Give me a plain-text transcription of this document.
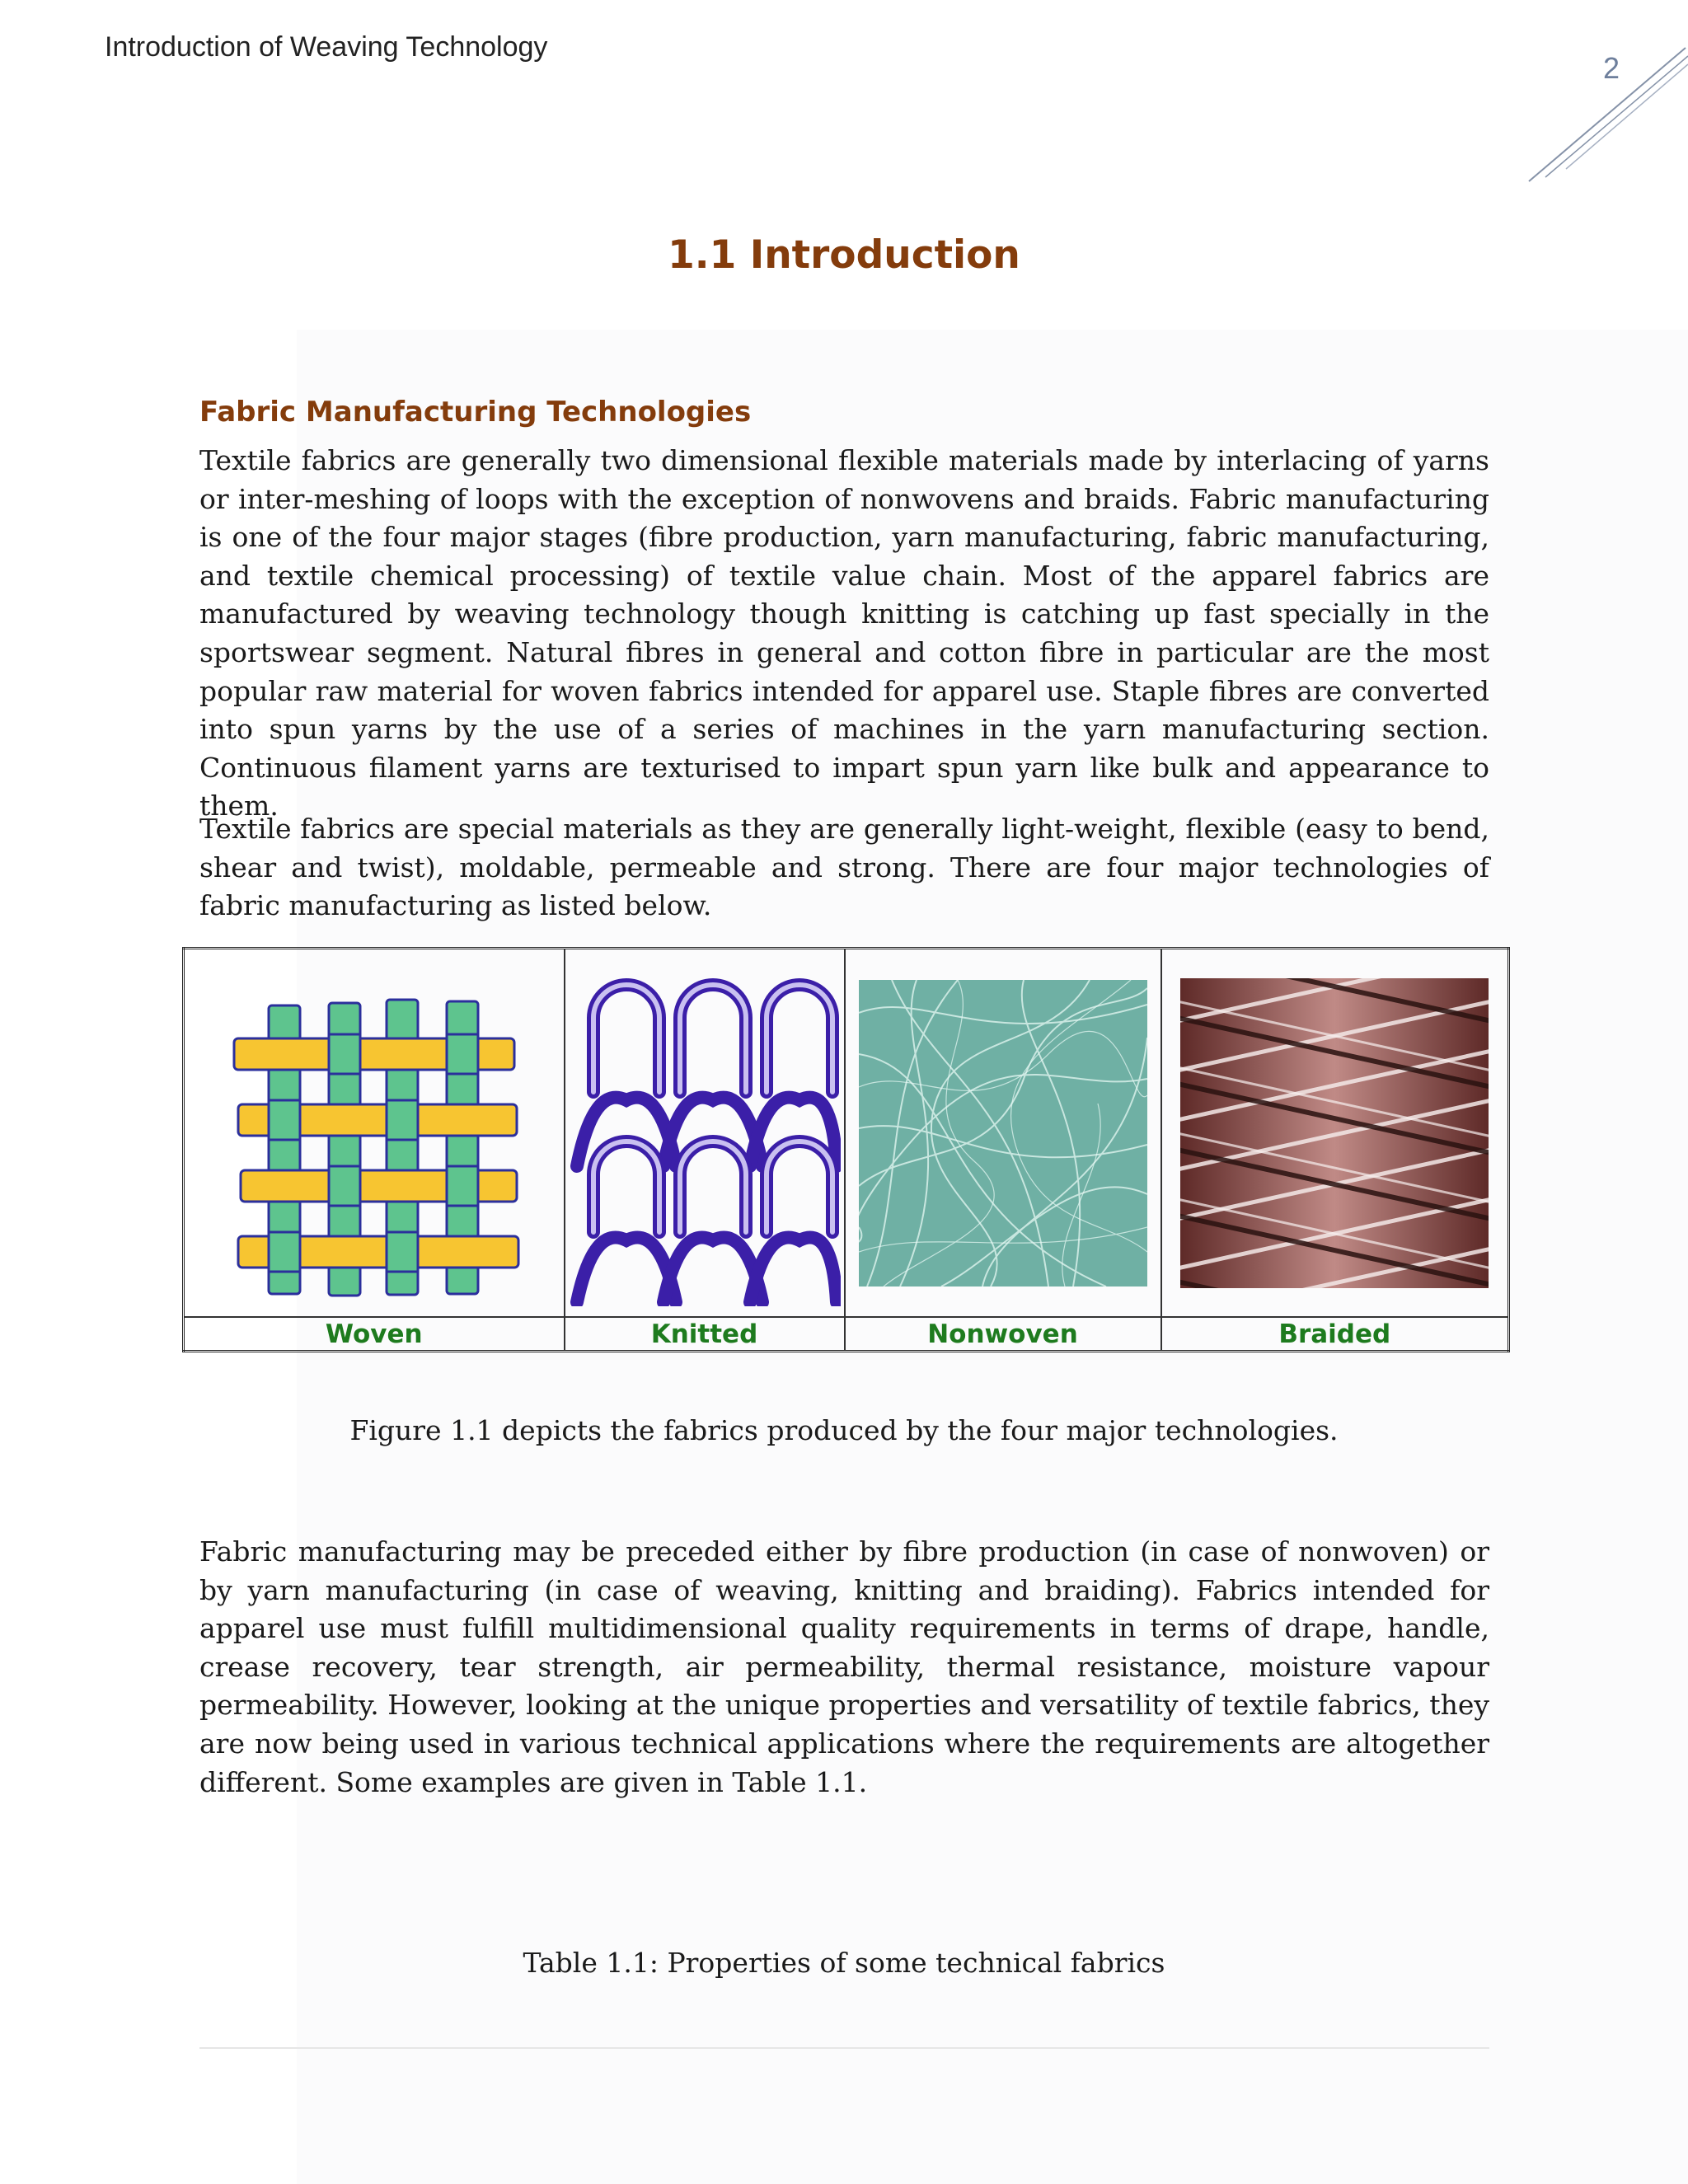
Introduction of Weaving Technology
2
1.1 Introduction
Fabric Manufacturing Technologies

Textile fabrics are generally two dimensional flexible materials made by interlacing of yarns or inter-meshing of loops with the exception of nonwovens and braids. Fabric manufacturing is one of the four major stages (fibre production, yarn manufacturing, fabric manufacturing, and textile chemical processing) of textile value chain. Most of the apparel fabrics are manufactured by weaving technology though knitting is catching up fast specially in the sportswear segment. Natural fibres in general and cotton fibre in particular are the most popular raw material for woven fabrics intended for apparel use. Staple fibres are converted into spun yarns by the use of a series of machines in the yarn manufacturing section. Continuous filament yarns are texturised to impart spun yarn like bulk and appearance to them.

Textile fabrics are special materials as they are generally light-weight, flexible (easy to bend, shear and twist), moldable, permeable and strong. There are four major technologies of fabric manufacturing as listed below.

Woven	Knitted	Nonwoven	Braided

Figure 1.1 depicts the fabrics produced by the four major technologies.

Fabric manufacturing may be preceded either by fibre production (in case of nonwoven) or by yarn manufacturing (in case of weaving, knitting and braiding). Fabrics intended for apparel use must fulfill multidimensional quality requirements in terms of drape, handle, crease recovery, tear strength, air permeability, thermal resistance, moisture vapour permeability. However, looking at the unique properties and versatility of textile fabrics, they are now being used in various technical applications where the requirements are altogether different. Some examples are given in Table 1.1.

Table 1.1: Properties of some technical fabrics
